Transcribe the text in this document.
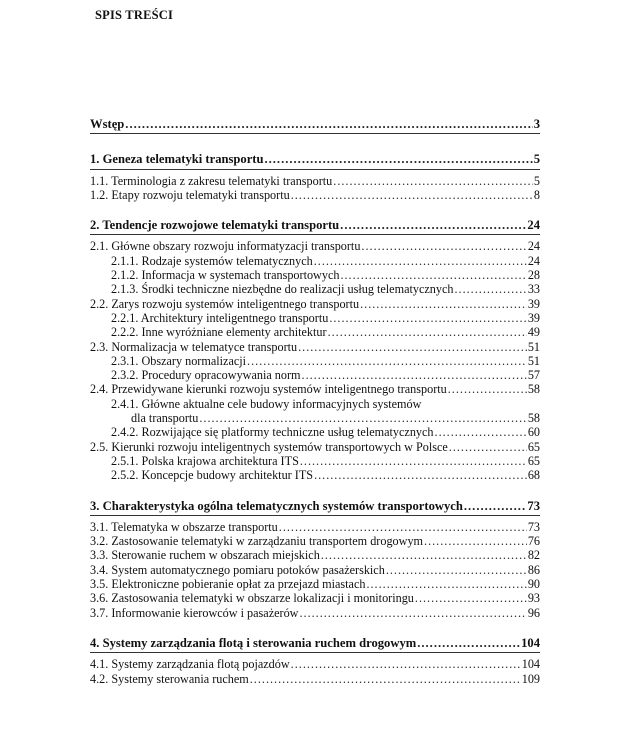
SPIS TREŚCI
Wstęp .....	3
1. Geneza telematyki transportu .....	5
1.1. Terminologia z zakresu telematyki transportu .....	5
1.2. Etapy rozwoju telematyki transportu .....	8
2. Tendencje rozwojowe telematyki transportu .....	24
2.1. Główne obszary rozwoju informatyzacji transportu .....	24
2.1.1. Rodzaje systemów telematycznych .....	24
2.1.2. Informacja w systemach transportowych .....	28
2.1.3. Środki techniczne niezbędne do realizacji usług telematycznych .....	33
2.2. Zarys rozwoju systemów inteligentnego transportu .....	39
2.2.1. Architektury inteligentnego transportu .....	39
2.2.2. Inne wyróżniane elementy architektur .....	49
2.3. Normalizacja w telematyce transportu .....	51
2.3.1. Obszary normalizacji .....	51
2.3.2. Procedury opracowywania norm .....	57
2.4. Przewidywane kierunki rozwoju systemów inteligentnego transportu .....	58
2.4.1. Główne aktualne cele budowy informacyjnych systemów
dla transportu .....	58
2.4.2. Rozwijające się platformy techniczne usług telematycznych .....	60
2.5. Kierunki rozwoju inteligentnych systemów transportowych w Polsce .....	65
2.5.1. Polska krajowa architektura ITS .....	65
2.5.2. Koncepcje budowy architektur ITS .....	68
3. Charakterystyka ogólna telematycznych systemów transportowych .....	73
3.1. Telematyka w obszarze transportu .....	73
3.2. Zastosowanie telematyki w zarządzaniu transportem drogowym .....	76
3.3. Sterowanie ruchem w obszarach miejskich .....	82
3.4. System automatycznego pomiaru potoków pasażerskich .....	86
3.5. Elektroniczne pobieranie opłat za przejazd miastach .....	90
3.6. Zastosowania telematyki w obszarze lokalizacji i monitoringu .....	93
3.7. Informowanie kierowców i pasażerów .....	96
4. Systemy zarządzania flotą i sterowania ruchem drogowym .....	104
4.1. Systemy zarządzania flotą pojazdów .....	104
4.2. Systemy sterowania ruchem .....	109
